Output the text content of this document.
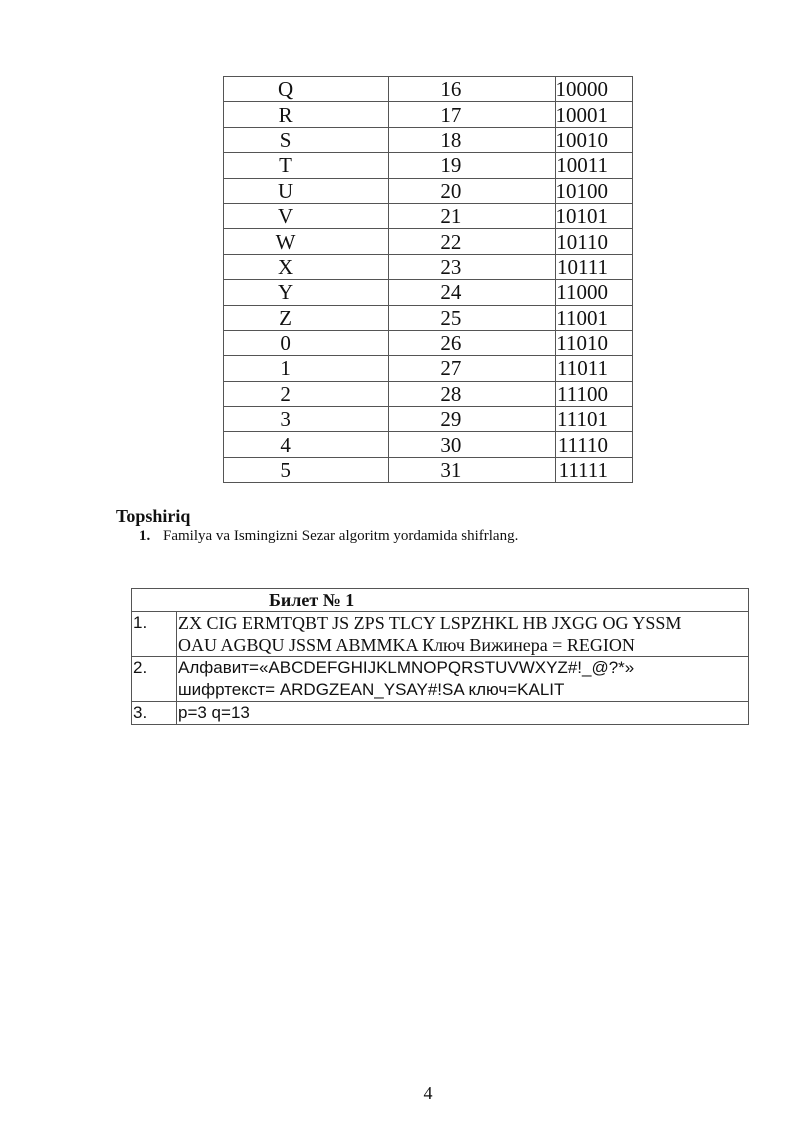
Q	16	10000
R	17	10001
S	18	10010
T	19	10011
U	20	10100
V	21	10101
W	22	10110
X	23	10111
Y	24	11000
Z	25	11001
0	26	11010
1	27	11011
2	28	11100
3	29	11101
4	30	11110
5	31	11111
Topshiriq
1. Familya va Ismingizni Sezar algoritm yordamida shifrlang.
Билет № 1	
1.	ZX CIG ERMTQBT JS ZPS TLCY LSPZHKL HB JXGG OG YSSM
OAU AGBQU JSSM ABMMKA Ключ Вижинера = REGION

2.	Алфавит=«ABCDEFGHIJKLMNOPQRSTUVWXYZ#!_@?*»
шифртекст= ARDGZEAN_YSAY#!SA ключ=KALIT

3.	p=3 q=13
4
